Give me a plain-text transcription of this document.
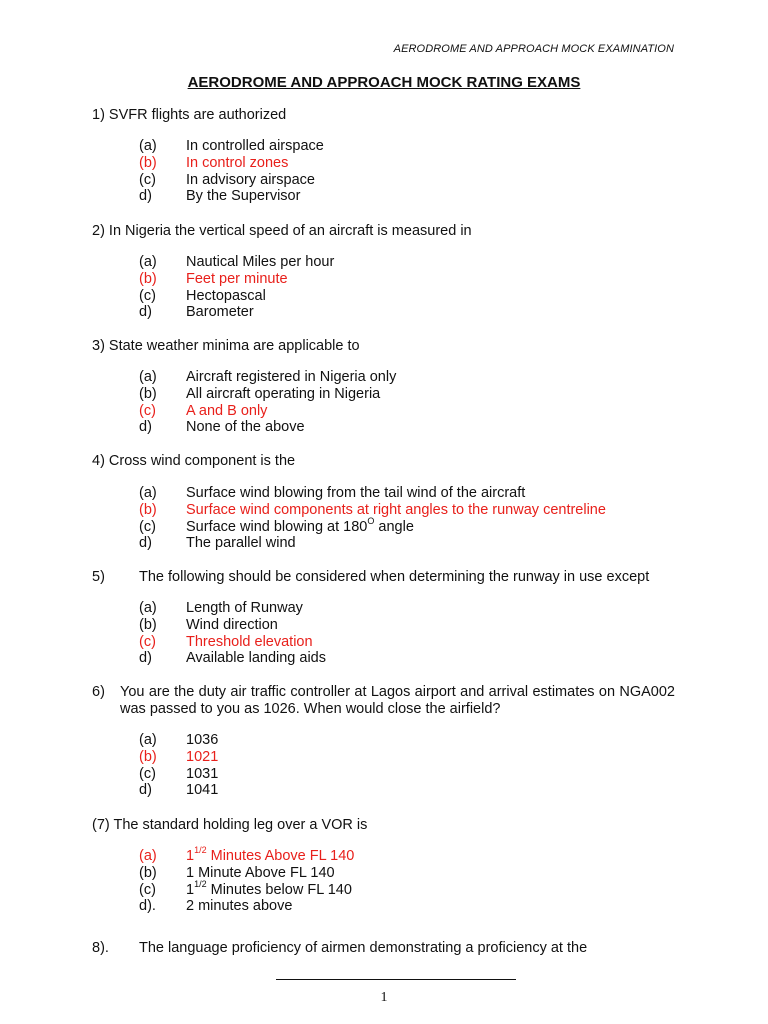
AERODROME AND APPROACH MOCK EXAMINATION
AERODROME AND APPROACH MOCK RATING EXAMS
1) SVFR flights are authorized
(a)	In controlled airspace
(b)	In control zones
(c)	In advisory airspace
d)	By the Supervisor
2) In Nigeria the vertical speed of an aircraft is measured in
(a)	Nautical Miles per hour
(b)	Feet per minute
(c)	Hectopascal
d)	Barometer
3) State weather minima are applicable to
(a)	Aircraft registered in Nigeria only
(b)	All aircraft operating in Nigeria
(c)	A and B only
d)	None of the above
4) Cross wind component is the
(a)	Surface wind blowing from the tail wind of the aircraft
(b)	Surface wind components at right angles to the runway centreline
(c)	Surface wind blowing at $180^O$ angle
d)	The parallel wind
5)	The following should be considered when determining the runway in use except
(a)	Length of Runway
(b)	Wind direction
(c)	Threshold elevation
d)	Available landing aids
6)	You are the duty air traffic controller at Lagos airport and arrival estimates on NGA002 was passed to you as 1026. When would close the airfield?
(a)	1036
(b)	1021
(c)	1031
d)	1041
(7) The standard holding leg over a VOR is
(a)	$1^{1/2}$ Minutes Above FL 140
(b)	1 Minute Above FL 140
(c)	$1^{1/2}$ Minutes below FL 140
d).	2 minutes above
8).	The language proficiency of airmen demonstrating a proficiency at the
1
